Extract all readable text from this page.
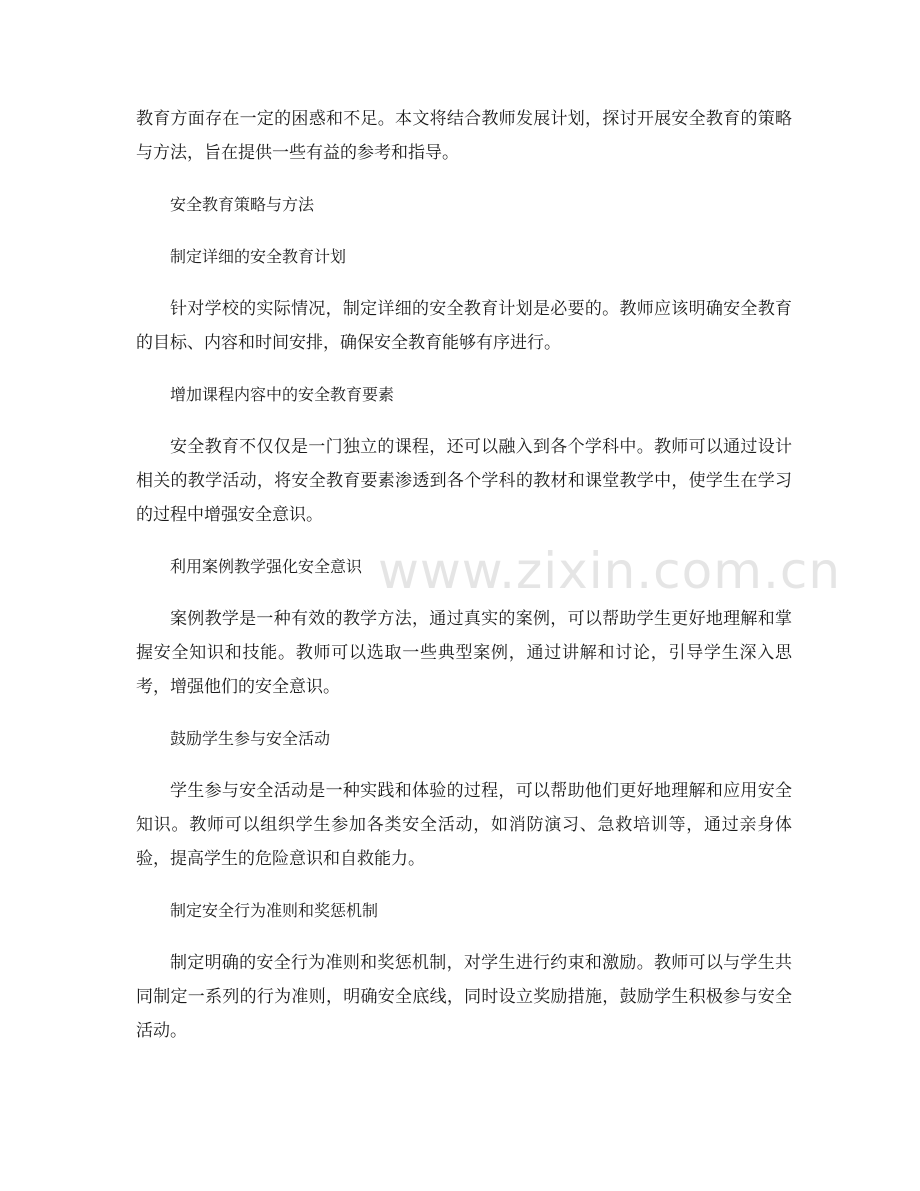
教育方面存在一定的困惑和不足。本文将结合教师发展计划，探讨开展安全教育的策略与方法，旨在提供一些有益的参考和指导。

安全教育策略与方法

制定详细的安全教育计划

针对学校的实际情况，制定详细的安全教育计划是必要的。教师应该明确安全教育的目标、内容和时间安排，确保安全教育能够有序进行。

增加课程内容中的安全教育要素

安全教育不仅仅是一门独立的课程，还可以融入到各个学科中。教师可以通过设计相关的教学活动，将安全教育要素渗透到各个学科的教材和课堂教学中，使学生在学习的过程中增强安全意识。

利用案例教学强化安全意识

案例教学是一种有效的教学方法，通过真实的案例，可以帮助学生更好地理解和掌握安全知识和技能。教师可以选取一些典型案例，通过讲解和讨论，引导学生深入思考，增强他们的安全意识。

鼓励学生参与安全活动

学生参与安全活动是一种实践和体验的过程，可以帮助他们更好地理解和应用安全知识。教师可以组织学生参加各类安全活动，如消防演习、急救培训等，通过亲身体验，提高学生的危险意识和自救能力。

制定安全行为准则和奖惩机制

制定明确的安全行为准则和奖惩机制，对学生进行约束和激励。教师可以与学生共同制定一系列的行为准则，明确安全底线，同时设立奖励措施，鼓励学生积极参与安全活动。

www.zixin.com.cn
